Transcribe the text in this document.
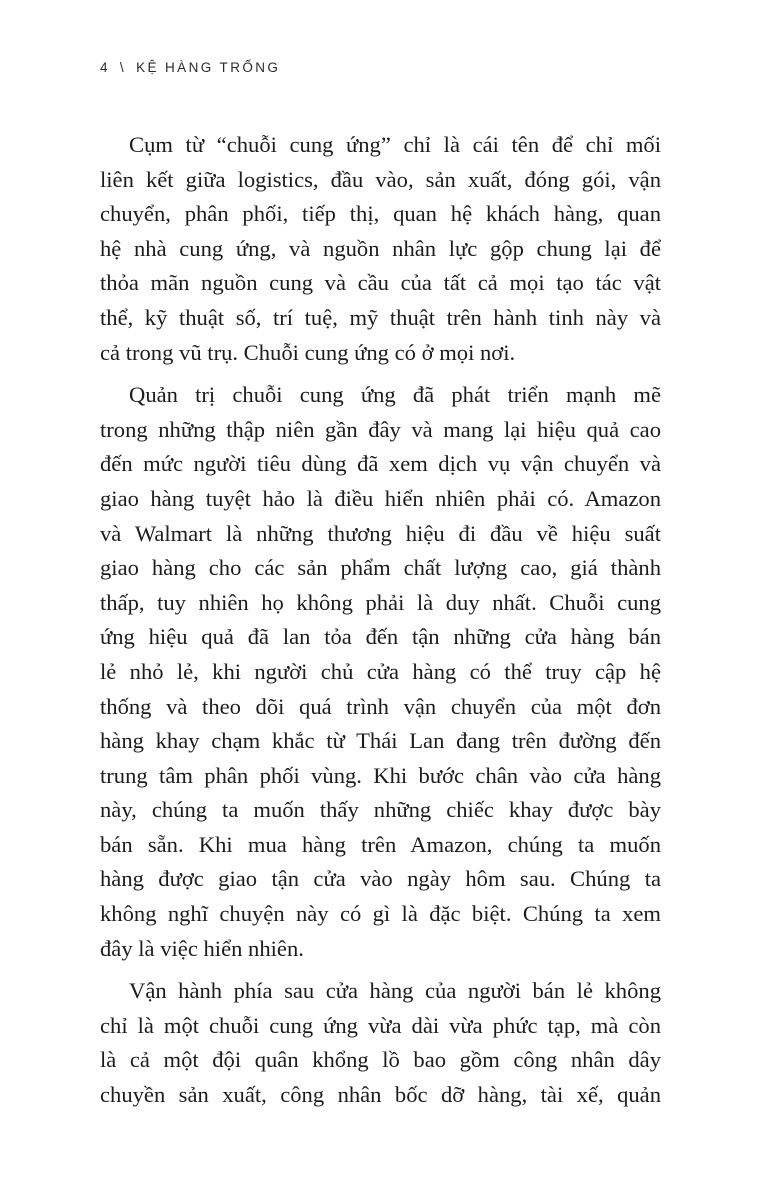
4 \ KỆ HÀNG TRỐNG
Cụm từ “chuỗi cung ứng” chỉ là cái tên để chỉ mối
liên kết giữa logistics, đầu vào, sản xuất, đóng gói, vận
chuyển, phân phối, tiếp thị, quan hệ khách hàng, quan
hệ nhà cung ứng, và nguồn nhân lực gộp chung lại để
thỏa mãn nguồn cung và cầu của tất cả mọi tạo tác vật
thể, kỹ thuật số, trí tuệ, mỹ thuật trên hành tinh này và
cả trong vũ trụ. Chuỗi cung ứng có ở mọi nơi.
Quản trị chuỗi cung ứng đã phát triển mạnh mẽ
trong những thập niên gần đây và mang lại hiệu quả cao
đến mức người tiêu dùng đã xem dịch vụ vận chuyển và
giao hàng tuyệt hảo là điều hiển nhiên phải có. Amazon
và Walmart là những thương hiệu đi đầu về hiệu suất
giao hàng cho các sản phẩm chất lượng cao, giá thành
thấp, tuy nhiên họ không phải là duy nhất. Chuỗi cung
ứng hiệu quả đã lan tỏa đến tận những cửa hàng bán
lẻ nhỏ lẻ, khi người chủ cửa hàng có thể truy cập hệ
thống và theo dõi quá trình vận chuyển của một đơn
hàng khay chạm khắc từ Thái Lan đang trên đường đến
trung tâm phân phối vùng. Khi bước chân vào cửa hàng
này, chúng ta muốn thấy những chiếc khay được bày
bán sẵn. Khi mua hàng trên Amazon, chúng ta muốn
hàng được giao tận cửa vào ngày hôm sau. Chúng ta
không nghĩ chuyện này có gì là đặc biệt. Chúng ta xem
đây là việc hiển nhiên.
Vận hành phía sau cửa hàng của người bán lẻ không
chỉ là một chuỗi cung ứng vừa dài vừa phức tạp, mà còn
là cả một đội quân khổng lồ bao gồm công nhân dây
chuyền sản xuất, công nhân bốc dỡ hàng, tài xế, quản
